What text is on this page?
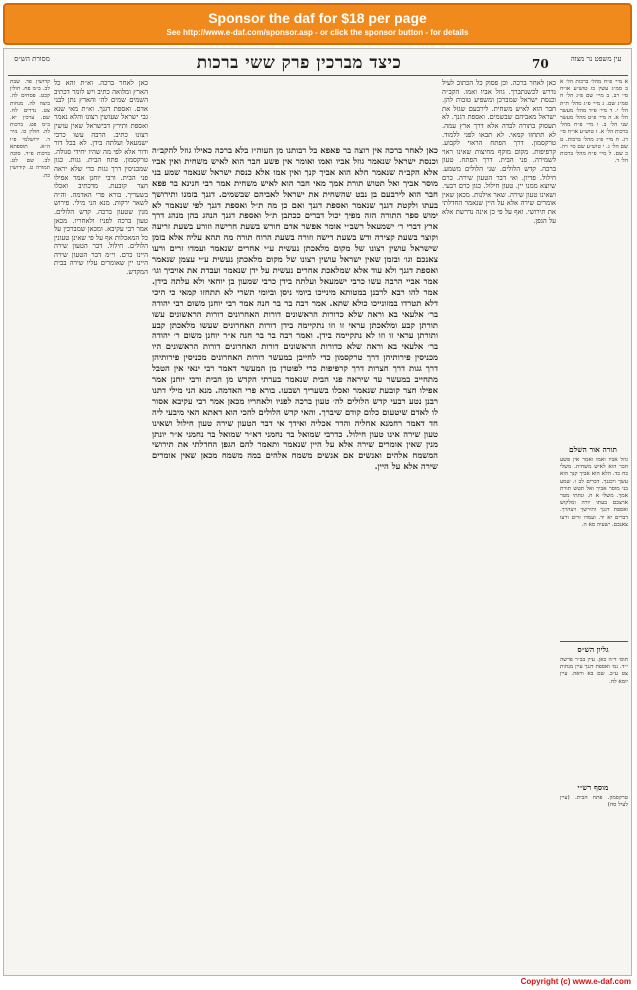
Sponsor the daf for $18 per page
See http://www.e-daf.com/sponsor.asp - or click the sponsor button - for details
70	עין משפט נר מצוה
כיצד מברכין פרק ששי ברכות
מסורת הש״ס
א מיי׳ פ״ח מהל׳ ברכות הל׳ א ב סמ״ג עשין כז טוש״ע או״ח סי׳ רב. ב מיי׳ שם פ״ג הל׳ ח סמ״ג שם. ג מיי׳ פ״ג מהל׳ ת״ת הל׳ י. ד מיי׳ פ״ד מהל׳ מעשר הל׳ א. ה מיי׳ פ״ט מהל׳ מעשר שני הל׳ ב. ו מיי׳ פ״ח מהל׳ ברכות הל׳ א. ז טוש״ע או״ח סי׳ רג. ח מיי׳ פ״ג מהל׳ ברכות. ט שם הל׳ ג. י טוש״ע שם סי׳ רה. כ שם. ל מיי׳ פ״ח מהל׳ ברכות הל׳ ד.
תורה אור השלם
גוזל אביו ואמו ואמר אין פשע חבר הוא לאיש משחית. משלי כח כד. הלא הוא אביך קנך הוא עשך ויכננך. דברים לב ו. שמע בני מוסר אביך ואל תטש תורת אמך. משלי א ח. ונתתי מטר ארצכם בעתו יורה ומלקוש ואספת דגנך ותירשך ויצהרך. דברים יא יד. ועמדו זרים ורעו צאנכם. ישעיה סא ה.
גליון הש״ס
תוס׳ ד״ה כאן. עיין בב״ר פרשה י״ד. גמ׳ ואספת דגנך עיין מנחות צט ע״ב. שם בא וראה. עיין יומא לח.
מוסף רש״י
טרקסמון. פתח הבית. (עיין לעיל סח)
כאן לאחר ברכה. וכן פסוק כל הכתוב לעיל נדרש לכשנתברך. גוזל אביו ואמו. הקב״ה וכנסת ישראל שמברכן ומשפיע טובות להן. חבר הוא לאיש משחית. לירבעם שגזל את ישראל מאביהם שבשמים. ואספת דגנך. לא תעסוק בתורה לבדה אלא דרך ארץ עמה. לא תתחזו קמאי. לא תבאו לפני ללמוד. טרקסמון. דרך הפתח הראוי לקבוע. קרפיפות. מקום מוקף מחיצות שאינו ראוי לשמירה. פני הבית. דרך הפתח. טעון ברכה. קדש הלולים. שני הלולים משמע. חילול. פדיון. ואי דבר הטעון שירה. כרם שיוצא ממנו יין. טעון חילול. כגון כרם רבעי. ושאינו טעון שירה. שאר אילנות. מכאן שאין אומרים שירה אלא על היין שנאמר החדלתי את תירושי. ואף על פי כן אינה נדרשת אלא על הגפן.
כאן לאחר ברכה אין רוצה בר פאפא בל רבותנו מן העוה״ז בלא ברכה כאילו גוזל להקב״ה וכנסת ישראל שנאמר גוזל אביו ואמו ואומר אין פשע חבר הוא לאיש משחית ואין אביו אלא הקב״ה שנאמר הלא הוא אביך קנך ואין אמו אלא כנסת ישראל שנאמר שמע בני מוסר אביך ואל תטוש תורת אמך מאי חבר הוא לאיש משחית אמר רבי חנינא בר פפא חבר הוא לירבעם בן נבט שהשחית את ישראל לאביהם שבשמים. דגנך בזמנו ותירושך בעתו ולקטת דגנך שנאמר ואספת דגנך ואם כן מה ת״ל ואספת דגנך לפי שנאמר לא ימוש ספר התורה הזה מפיך יכול דברים ככתבן ת״ל ואספת דגנך הנהג בהן מנהג דרך ארץ דברי ר׳ ישמעאל רשב״י אומר אפשר אדם חורש בשעת חרישה וזורע בשעת זריעה וקוצר בשעת קצירה ודש בשעת דישה וזורה בשעת הרוח תורה מה תהא עליה אלא בזמן שישראל עושין רצונו של מקום מלאכתן נעשית ע״י אחרים שנאמר ועמדו זרים ורעו צאנכם וגו׳ ובזמן שאין ישראל עושין רצונו של מקום מלאכתן נעשית ע״י עצמן שנאמר ואספת דגנך ולא עוד אלא שמלאכת אחרים נעשית על ידן שנאמר ועבדת את אויביך וגו׳ אמר אביי הרבה עשו כרבי ישמעאל ועלתה בידן כרבי שמעון בן יוחאי ולא עלתה בידן. אמר להו רבא לרבנן במטותא מינייכו ביומי ניסן וביומי תשרי לא תתחזו קמאי כי היכי דלא תטרדו במזונייכו כולא שתא. אמר רבה בר בר חנה אמר רבי יוחנן משום רבי יהודה בר׳ אלעאי בא וראה שלא כדורות הראשונים דורות האחרונים דורות הראשונים עשו תורתן קבע ומלאכתן עראי זו וזו נתקיימה בידן דורות האחרונים שעשו מלאכתן קבע ותורתן עראי זו וזו לא נתקיימה בידן. ואמר רבה בר בר חנה א״ר יוחנן משום ר׳ יהודה בר׳ אלעאי בא וראה שלא כדורות הראשונים דורות האחרונים דורות הראשונים היו מכניסין פירותיהן דרך טרקסמון כדי לחייבן במעשר דורות האחרונים מכניסין פירותיהן דרך גגות דרך חצרות דרך קרפיפות כדי לפוטרן מן המעשר דאמר רבי ינאי אין הטבל מתחייב במעשר עד שיראה פני הבית שנאמר בערתי הקדש מן הבית ורבי יוחנן אמר אפילו חצר קובעת שנאמר ואכלו בשעריך ושבעו. בורא פרי האדמה. מנא הני מילי דתנו רבנן נטע רבעי קדש הלולים לה׳ טעון ברכה לפניו ולאחריו מכאן אמר רבי עקיבא אסור לו לאדם שיטעום כלום קודם שיברך. והאי קדש הלולים להכי הוא דאתא האי מיבעי ליה חד דאמר רחמנא אחליה והדר אכליה ואידך אי דבר הטעון שירה טעון חילול ושאינו טעון שירה אינו טעון חילול. כדרבי שמואל בר נחמני דא״ר שמואל בר נחמני א״ר יונתן מנין שאין אומרים שירה אלא על היין שנאמר ותאמר להם הגפן החדלתי את תירושי המשמח אלהים ואנשים אם אנשים משמח אלהים במה משמח מכאן שאין אומרים שירה אלא על היין.
כאן לאחר ברכה. וא״ת והא כל הארץ ומלואה כתיב ויש לומר דכתיב השמים שמים לה׳ והארץ נתן לבני אדם. ואספת דגנך. וא״ת מאי שנא גבי ישראל שעושין רצונו והלא נאמר ואספת ותירץ דבישראל שאין עושין רצונו כתיב. הרבה עשו כרבי ישמעאל ועלתה בידן. לא בכל דור ודור אלא לפי מה שהיו יחידי סגולה. טרקסמון. פתח הבית. גגות. כגון שמכניסין דרך גגות כדי שלא יראה פני הבית. ורבי יוחנן אמר אפילו חצר קובעת. מדכתיב ואכלו בשעריך. בורא פרי האדמה. וה״ה לשאר ירקות. מנא הני מילי. פירוש מנין שטעון ברכה. קדש הלולים. טעון ברכה לפניו ולאחריו. מכאן אמר רבי עקיבא. ומכאן שמברכין על כל המאכלות אף על פי שאינן טעונין הלולים. חילול. דבר הטעון שירה היינו כרם. וי״מ דבר הטעון שירה היינו יין שאומרים עליו שירה בבית המקדש.
קדושין פד. שבת לב. ב״מ פח. חולין קכט. פסחים לה. ביצה לה. מנחות צט. נדרים לח. שם. ערכין יא. ב״מ פט. ברכות לה. חולין כו. נזיר ד. ירושלמי פ״ו ה״א. תוספתא ברכות פ״ד. סוכה לב. שם לט. תמורה ט. קידושין כה.
Copyright (c) www.e-daf.com
